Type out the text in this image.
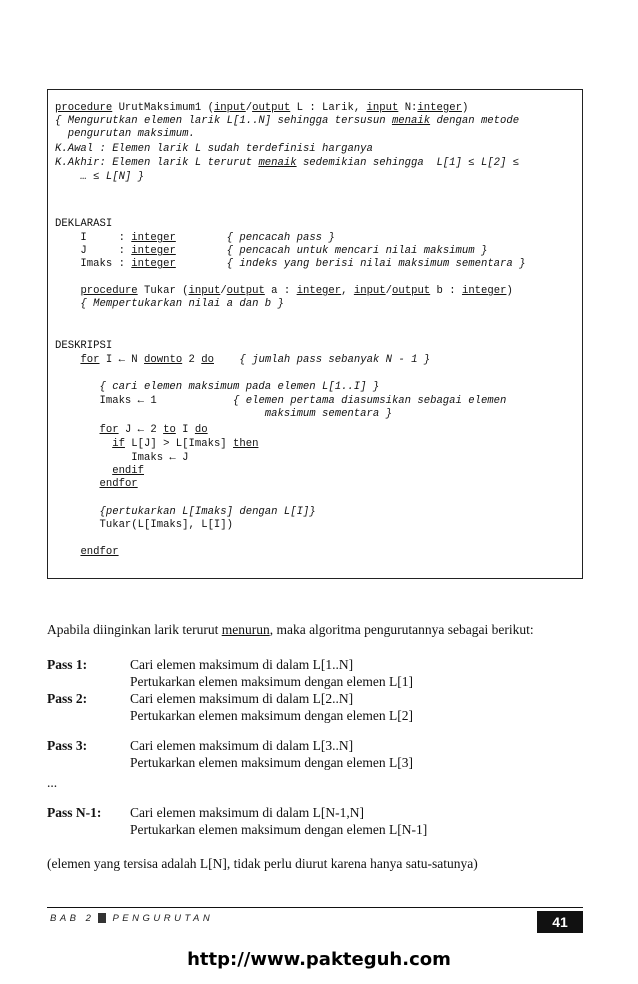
procedure UrutMaksimum1 (input/output L : Larik, input N:integer)
{ Mengurutkan elemen larik L[1..N] sehingga tersusun menaik dengan metode
pengurutan maksimum.
K.Awal : Elemen larik L sudah terdefinisi harganya
K.Akhir: Elemen larik L terurut menaik sedemikian sehingga  L[1] ≤ L[2] ≤
… ≤ L[N] }
DEKLARASI
I     : integer	{ pencacah pass }
J     : integer	{ pencacah untuk mencari nilai maksimum }
Imaks : integer	{ indeks yang berisi nilai maksimum sementara }
procedure Tukar (input/output a : integer, input/output b : integer)
{ Mempertukarkan nilai a dan b }
DESKRIPSI
for I ← N downto 2 do { jumlah pass sebanyak N - 1 }
{ cari elemen maksimum pada elemen L[1..I] }
Imaks ← 1	{ elemen pertama diasumsikan sebagai elemen
maksimum sementara }
for J ← 2 to I do
if L[J] > L[Imaks] then
Imaks ← J
endif
endfor
{pertukarkan L[Imaks] dengan L[I]}
Tukar(L[Imaks], L[I])
endfor
Apabila diinginkan larik terurut menurun, maka algoritma pengurutannya sebagai berikut:
Pass 1:	Cari elemen maksimum di dalam L[1..N]
Pertukarkan elemen maksimum dengan elemen L[1]
Pass 2:	Cari elemen maksimum di dalam L[2..N]
Pertukarkan elemen maksimum dengan elemen L[2]
Pass 3:	Cari elemen maksimum di dalam L[3..N]
Pertukarkan elemen maksimum dengan elemen L[3]
...
Pass N-1: Cari elemen maksimum di dalam L[N-1,N]
Pertukarkan elemen maksimum dengan elemen L[N-1]
(elemen yang tersisa adalah L[N], tidak perlu diurut karena hanya satu-satunya)
BAB 2 PENGURUTAN	41
http://www.pakteguh.com
